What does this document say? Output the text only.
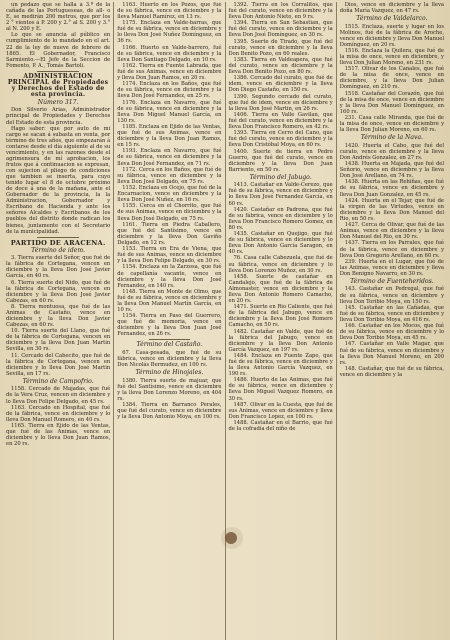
un pedazo que se halla á 3.ª de la cañada de las Portugueseas, de all- o E, se medirán 200 metros, que por los 2 ° vientos á P. 200 y 2.° al S. 200 y 3.° al N. 200 y E.

Lo que se anuncia al público en cumplimiento de lo mandado en el art. 22 de la ley de nueve de febrero de 1865. El Gobernador, Francisco Sarmiento.—El Jefe de la Seccion de Fomento, P. A., Tomás Bartoli.

ADMINISTRACION PRINCIPAL de Propiedades y Derechos del Estado de esta provincia.

Número 317.

Don Silverio Arias, Administrador principal de Propiedades y Derechos del Estado de esta provincia.

Hago saber: que por auto de mi cargo se sacan á subasta en venta, por término de tres años, que empezarán á contarse desde el día siguiente al de su vencimiento, y en las razones desde el agrimensura de mí aprobacion, los frutos que á continuacion se expresan, con sujecion al pliego de condiciones que tambien se inserta, para cuyo tenido lugar el 8 de octubre próximo de doce á una de la mañana, ante el Gobernador de la provincia, la la Administracion, Gobernador y Escribano de Hacienda y ante los señores Alcaldes y Escribanos de los pueblos del distrito donde radican los bienes, juntamente con el Secretario de la municipalidad.

PARTIDO DE ARACENA.

Término de idem.

3. Tierra suerte del Señor, que fué de la fábrica de Cortegana, vencen en diciembre y la lleva Don José Javier García, en 40 rs.

6. Tierra suerte del Nido, que fué de la fábrica de Cortegana, vencen en diciembre y la lleva Don José Javier Cabezas, en 60 rs.

8. Tierra montuosa, que fué de las Animas de Castaño, vence en diciembre y la lleva Don Javier Cabezas, en 60 rs.

10. Tierra suerte del Llano, que fué de la fábrica de Cortegana, vencen en diciembre y la lleva Don Juan Martin Sevilla, en 30 rs.

11. Cercado del Cabecito, que fué de la fábrica de Cortegana, vencen en diciembre y lo lleva Don José Martin Sevilla, en 17 rs.

Término de Campofrio.

1158. Cercado de Majadas, que fué de la Vera Cruz, vencen en diciembre y lo lleva Don Felipe Delgado, en 45 rs.

1163. Cercado en Hospital, que fué de la fábrica, vence en diciembre y lo lleva Don Manuel Romero, en 40 rs.

1165. Tierra en Ejido de las Ventas, que fué de las Animas, vence en diciembre y lo lleva Don Juan Ramos, en 20 rs.

1163. Huerto en los Pozos, que fué de su fábrica, vence en diciembre y la lleva Manuel Ramírez, en 13 rs.

1175. Enclaza en Valde-barras, que fué de su fábrica, vence en diciembre y lo lleva Don José Nuñez Domínguez, en 36 rs.

1166. Huerto en Valde-barrero, fué de su fábrica, vence en diciembre y la lleva Don Santiago Delgado, en 10 rs.

1162. Tierra en Fuente Labrada, que fué de sus Animas, vence en diciembre y lleva Don Juan Ramos, en 20 rs.

1174. Enclaza en los Baños, que fué de su fábrica, vence en diciembre y la lleva Don José Fernandez, en 25 rs.

1176. Enclaza en Navarro, que fué de su fábrica, vence en diciembre y la lleva Don Miguel Manuel García, en 130 rs.

1185. Enclaza en Ejido de las Ventas, que fué de sus Animas, vence en diciembre y la lleva Don Juan Ramos, en 15 rs.

1193. Enclaza en Navarro, que fué de su fábrica, vence en diciembre y la lleva Don José Fernandez, en 71 rs.

1172. Cerca en los Baños, que fué de su fábrica, vence en diciembre y la lleva Don José Delgado, en 75 rs.

1152. Enclaza en Ocejo, que fué de la Encarnacion, vence en diciembre y la lleva Don José Nuñez, en 16 rs.

1155. Cerca en el Chorrito, que fué de sus Animas, vence en diciembre y la lleva Don José Delgado, en 75 rs.

1161. Tierra en Piedra Caballero, que fué del Santísimo, vence en diciembre y la lleva Don Gaviño Delgado, en 12 rs.

1153. Tierra en Era de Viena, que fué de sus Animas, vence en diciembre y la lleva Don Felipe Delgado, en 30 rs.

1154. Enclaza en la Zarzosa, que fué de capellanía vacante, vence en diciembre y la lleva Don José Fernandez, en 140 rs.

1148. Tierra en Monte de Olmo, que fué de su fábrica, vence en diciembre y la lleva Don Manuel Martín García, en 10 rs.

1154. Tierra en Paso del Guerrero, que fué de memoria, vence en diciembre y la lleva Don Juan José Fernandez, en 26 rs.

Término del Castaño.

67. Casa-posada, que fué de su fábrica, vence en diciembre y la lleva Don Nicolás Bermudez, en 100 rs.

Término de Hinojales.

1380. Tierra suerte de majuar, que fué del Santísimo, vence en diciembre y la lleva Don Lorenzo Moreno, en 404 rs.

1384. Tierra en Barranco Perales, que fué del curato, vence en diciembre y la lleva Don Antonio Moya, en 100 rs.

1392. Tierra en los Corralitos, que fué del curato, vence en diciembre y la lleva Don Antonio Nieto, en 9 rs.

1394. Tierra en San Sebastian, que fué del curato, vence en diciembre y la lleva Don José Domínguez, en 30 rs.

1395. Suerte de Tirado, que fué del curato, vence en diciembre y la lleva Don Benito Pozo, en 60 reales.

1383. Tierra en Valdeapera, que fué del curato, vence en diciembre y la lleva Don Benito Pozo, en 80 rs.

1386. Cercado del curato, que fué de idem, vence en diciembre y la lleva Don Diego Castaño, en 150 rs.

1390. Segundo cercado del curato, que fué de idem, vence en diciembre y la lleva Don José Martin, en 26 rs.

1406. Tierra en Valle Gavilan, que fué del curato, vence en diciembre y la lleva Don Francisco Romero, en 42 rs.

1393. Tierra en Cerro del Cano, que fué del curato, vence en diciembre y la lleva Don Cristóbal Moya, en 60 rs.

1400. Suerte de tierra en Pedro Guerro, que fué del curato, vence en diciembre y la lleva Don Juan Barriento, en 50 rs.

Término del Jabugo.

1413. Castañar en Valde-Cerezo, que fué de su fábrica, vence en diciembre y lo lleva Don José Fernandez García, en 60 rs.

1420. Castañar en Padrona, que fué de su fábrica, vence en diciembre y lo lleva Don Francisco Romero Gomez, en 80 rs.

1435. Castañar en Quejigo, que fué de su fábrica, vence en diciembre y lo lleva Don Antonio García Saragon, en 40 rs.

76. Casa calle Cabezuela, que fué de su fábrica, vence en diciembre y lo lleva Don Lorenzo Muñoz, en 30 rs.

1458. Suerte de castañar en Candalejo, que fué de la fábrica de Almonaster, vence en diciembre y la lleva Don Antonio Romero Camacho, en 20 rs.

1471. Suerte en Rio Caliente, que fué de la fábrica del Jabugo, vence en diciembre y la lleva Don José Romero Camacho, en 50 rs.

1482. Castañar en Valde, que fué de la fábrica del Jabugo, vence en diciembre y la lleva Don Antonio García Vazquez, en 197 rs.

1484. Enclaza en Fuente Zapo, que fué de su fábrica, vence en diciembre y la lleva Antonio García Vazquez, en 190 rs.

1486. Huerto de las Animas, que fué de su fábrica, vence en diciembre y lleva Don Miguel Vazquez Romero, en 30 rs.

1487. Olivar en la Cuesta, que fué de sus Animas, vence en diciembre y lleva Don Francisco Lopez, en 100 rs.

1488. Castañar en el Barrio, que fué de la cofradía del niño de

Dios, vence en diciembre y la lleva doña María Vazquez, en 47 rs.

Término de Valdelarco.

1515. Enclaza, suerte y lugar en los Molinos, fué de la fábrica de Aroche, vence en diciembre y lleva Don Manuel Domínguez, en 20 rs.

1516. Enclaza la Quilera, que fué de la misa de once, vence en diciembre, y lleva Don Julian Moreno, en 231 rs.

1517. Olivar de los Canales, que fué de la misa de once, vence en diciembre, y la lleva Don Julian Domínguez, en 210 rs.

1518. Castañar del Corazón, que fué de la misa de once, vence en diciembre y la lleva Don Manuel Domínguez, en 160 rs.

231. Casa calle Miranda, que fué de la misa de once, vence en diciembre y la lleva Don Julian Moreno, en 60 rs.

Término de la Nava.

1420. Huerta el Cabo, que fué del curato, vence en diciembre y la lleva Don Andrés Gonzalez, en 27 rs.

1438. Huerta en Majada, que fué del Señorio, vence en diciembre y la lleva Don José Arellano, en 74 rs.

1438. Huerta en las Rehiñas, que fué de su fábrica, vence en diciembre y lleva Don Juan Gonzalez, en 45 rs.

1424. Huerta en el Tejar, que fué de la virgen de las Virtudes, vence en diciembre y la lleva Don Manuel del Rio, en 50 rs.

1427. Cerca de Olivar, que fué de las Animas, vence en diciembre y la lleva Don Manuel del Rio, en 30 rs.

1437. Tierra en los Parrales, que fué de la fábrica, vence en diciembre y lleva Don Gregorio Arellano, en 60 rs.

239. Huerta en el Lugar, que fué de las Animas, vence en diciembre y lleva Don Benigno Navarro, en 30 rs.

Término de Fuenteheridos.

143. Castañar en Pedregal, que fué de su fábrica, vence en diciembre y lleva Don Toribio Moya, en 150 rs.

145. Castañar en las Cañadas, que fué de su fábrica, vence en diciembre y lleva Don Toribio Moya, en 416 rs.

146. Castañar en los Mocos, que fué de su fábrica, vence en diciembre y lo lleva Don Toribio Moya, en 45 rs.

147. Castañar en Valle Magar, que fué de su fábrica, vence en diciembre y la lleva Don Manuel Moreno, en 200 rs.

148. Castañar, que fué de su fábrica, vence en diciembre y la
